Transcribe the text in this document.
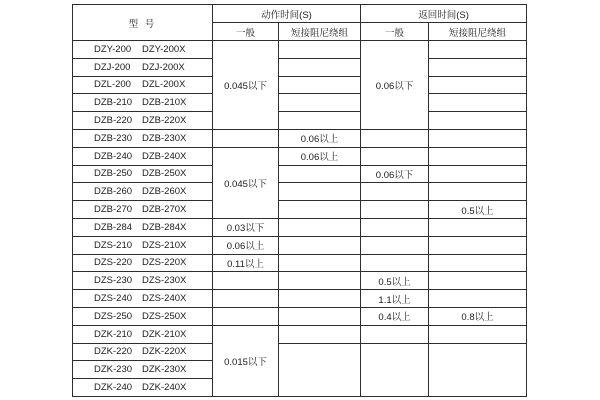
型 号	动作时间(S)		返回时间(S)	
	一般	短接阻尼绕组	一般	短接阻尼绕组

DZY-200 DZY-200X	0.045以下		0.06以下	

DZJ-200 DZJ-200X				

DZL-200 DZL-200X				

DZB-210 DZB-210X				

DZB-220 DZB-220X				

DZB-230 DZB-230X		0.06以上		

DZB-240 DZB-240X	0.045以下	0.06以上		

DZB-250 DZB-250X			0.06以下	

DZB-260 DZB-260X				

DZB-270 DZB-270X				0.5以上

DZB-284 DZB-284X	0.03以下			

DZS-210 DZS-210X	0.06以上			

DZS-220 DZS-220X	0.11以上			

DZS-230 DZS-230X			0.5以上	

DZS-240 DZS-240X			1.1以上	

DZS-250 DZS-250X			0.4以上	0.8以上

DZK-210 DZK-210X	0.015以下			

DZK-220 DZK-220X				

DZK-230 DZK-230X				

DZK-240 DZK-240X				
